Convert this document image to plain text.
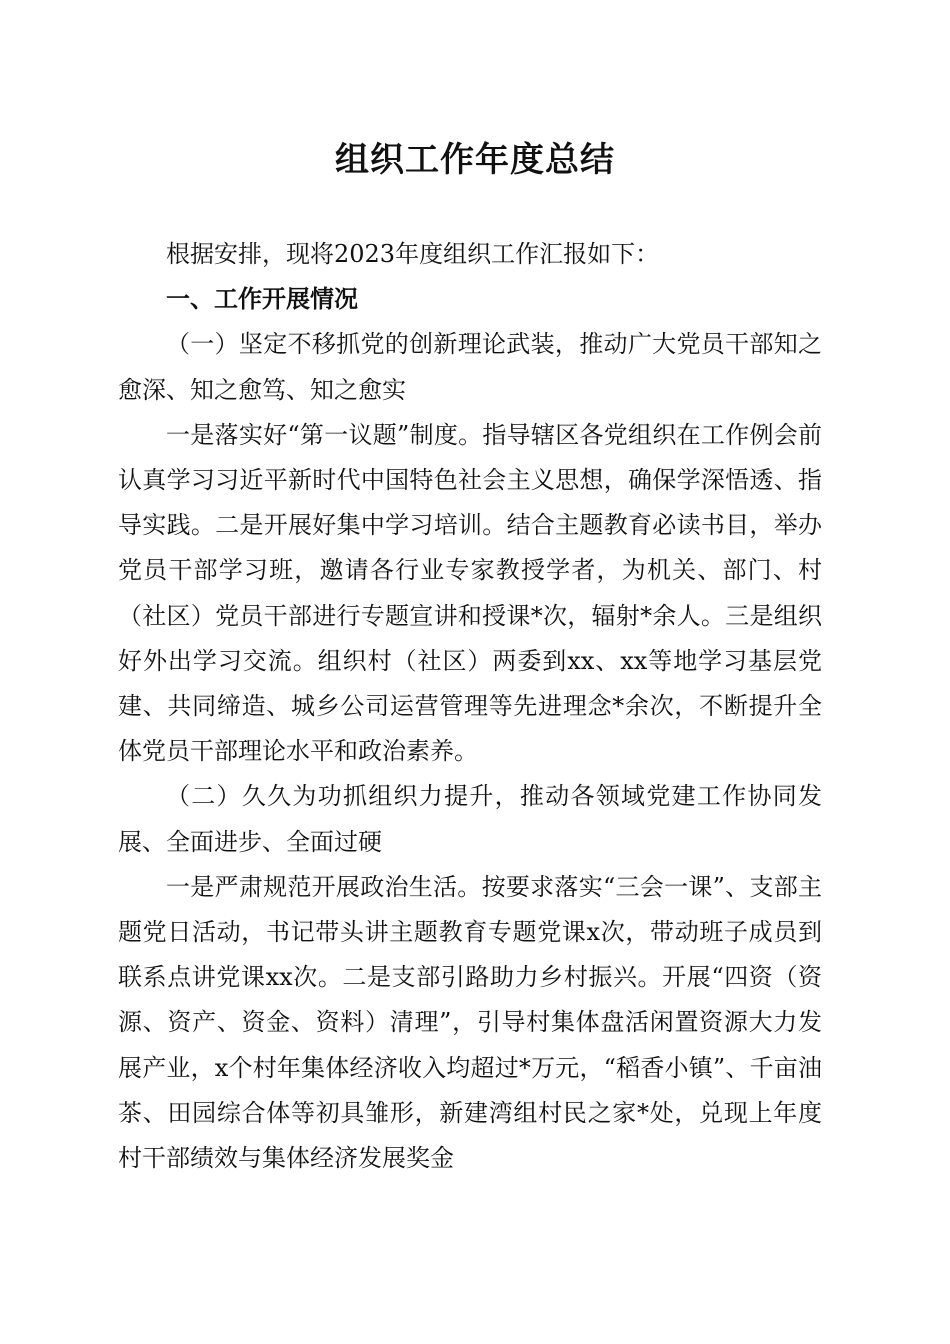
组织工作年度总结

根据安排，现将2023年度组织工作汇报如下：

一、工作开展情况

（一）坚定不移抓党的创新理论武装，推动广大党员干部知之愈深、知之愈笃、知之愈实

一是落实好“第一议题”制度。指导辖区各党组织在工作例会前认真学习习近平新时代中国特色社会主义思想，确保学深悟透、指导实践。二是开展好集中学习培训。结合主题教育必读书目，举办党员干部学习班，邀请各行业专家教授学者，为机关、部门、村（社区）党员干部进行专题宣讲和授课*次，辐射*余人。三是组织好外出学习交流。组织村（社区）两委到xx、xx等地学习基层党建、共同缔造、城乡公司运营管理等先进理念*余次，不断提升全体党员干部理论水平和政治素养。

（二）久久为功抓组织力提升，推动各领域党建工作协同发展、全面进步、全面过硬

一是严肃规范开展政治生活。按要求落实“三会一课”、支部主题党日活动，书记带头讲主题教育专题党课x次，带动班子成员到联系点讲党课xx次。二是支部引路助力乡村振兴。开展“四资（资源、资产、资金、资料）清理”，引导村集体盘活闲置资源大力发展产业，x个村年集体经济收入均超过*万元，“稻香小镇”、千亩油茶、田园综合体等初具雏形，新建湾组村民之家*处，兑现上年度村干部绩效与集体经济发展奖金
